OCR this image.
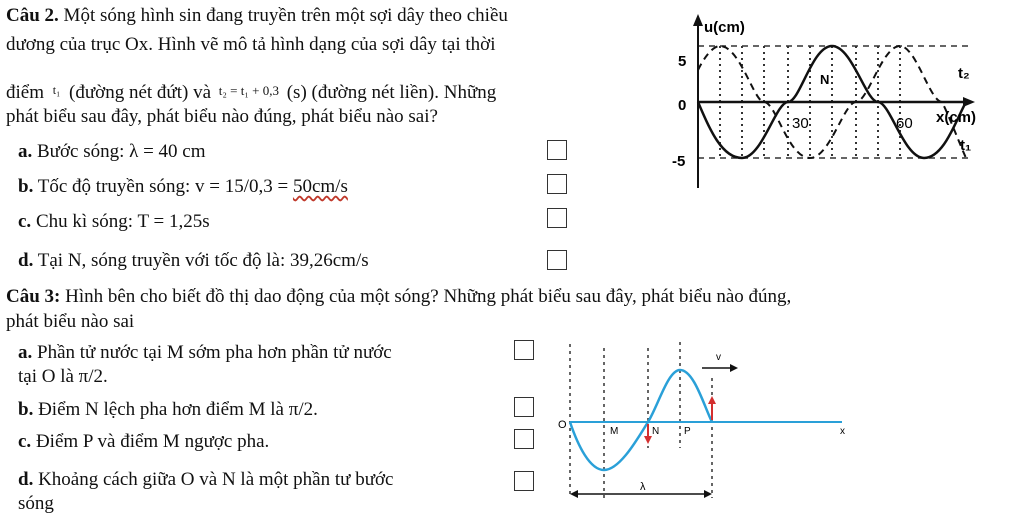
Câu 2. Một sóng hình sin đang truyền trên một sợi dây theo chiều
dương của trục Ox. Hình vẽ mô tả hình dạng của sợi dây tại thời
điểm $^{t_1}$ (đường nét đứt) và t₂ = t₁ + 0,3 (s) (đường nét liền). Những
phát biểu sau đây, phát biểu nào đúng, phát biểu nào sai?
a. Bước sóng: λ = 40 cm
b. Tốc độ truyền sóng: v = 15/0,3 = 50cm/s
c. Chu kì sóng: T = 1,25s
d. Tại N, sóng truyền với tốc độ là: 39,26cm/s
u(cm)
5
0
-5
30	60 x(cm)
N	t₂
t₁
Câu 3: Hình bên cho biết đồ thị dao động của một sóng? Những phát biểu sau đây, phát biểu nào đúng,
phát biểu nào sai
a. Phần tử nước tại M sớm pha hơn phần tử nước
tại O là π/2.
b. Điểm N lệch pha hơn điểm M là π/2.
c. Điểm P và điểm M ngược pha.
d. Khoảng cách giữa O và N là một phần tư bước
sóng
O
M	N P	x
v
λ
